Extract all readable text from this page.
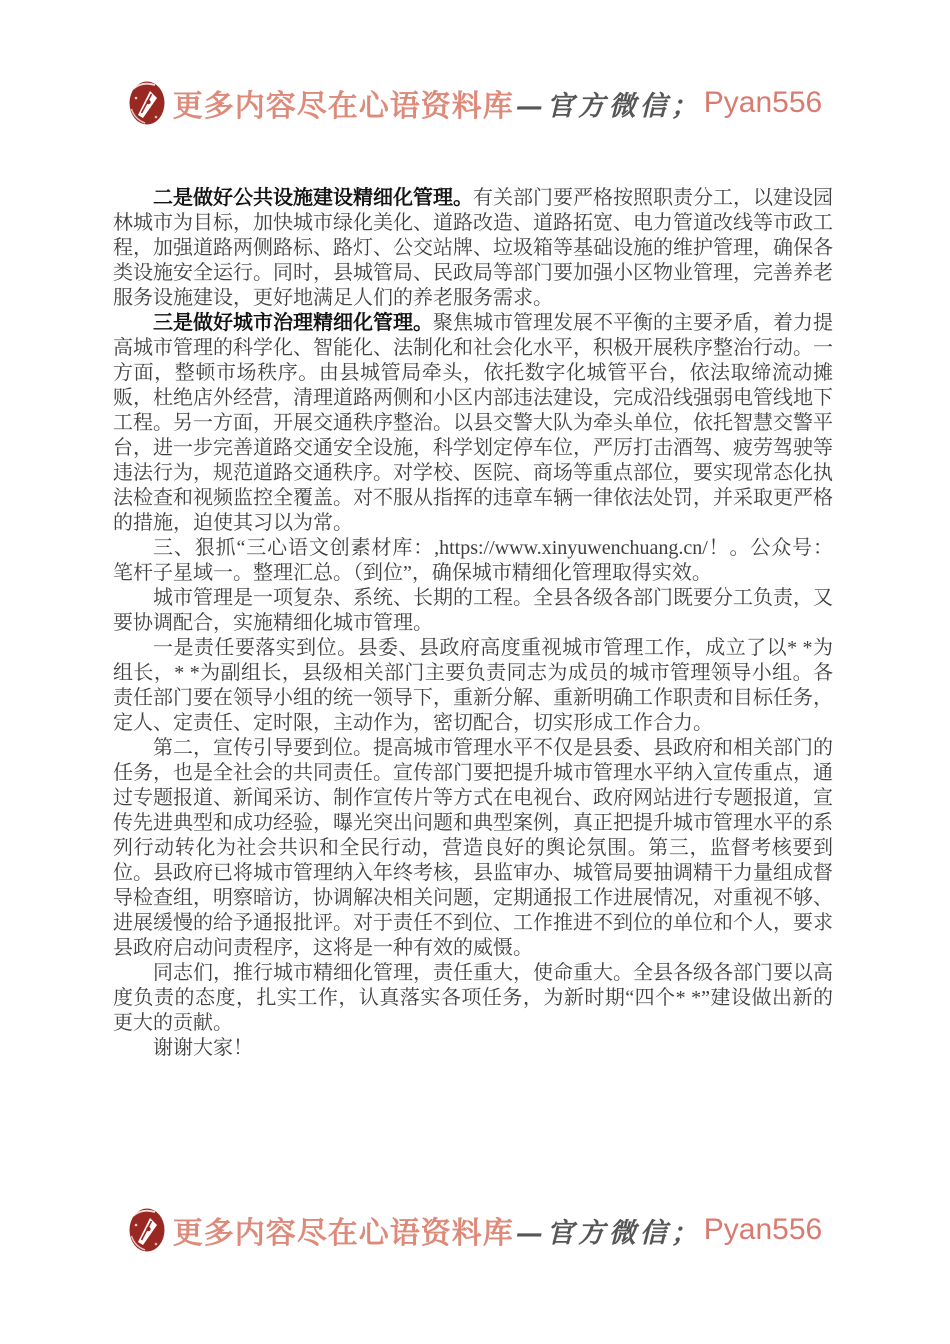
更多内容尽在心语资料库 —官方微信； Pyan556

二是做好公共设施建设精细化管理。有关部门要严格按照职责分工，以建设园林城市为目标，加快城市绿化美化、道路改造、道路拓宽、电力管道改线等市政工程，加强道路两侧路标、路灯、公交站牌、垃圾箱等基础设施的维护管理，确保各类设施安全运行。同时，县城管局、民政局等部门要加强小区物业管理，完善养老服务设施建设，更好地满足人们的养老服务需求。

三是做好城市治理精细化管理。聚焦城市管理发展不平衡的主要矛盾，着力提高城市管理的科学化、智能化、法制化和社会化水平，积极开展秩序整治行动。一方面，整顿市场秩序。由县城管局牵头，依托数字化城管平台，依法取缔流动摊贩，杜绝店外经营，清理道路两侧和小区内部违法建设，完成沿线强弱电管线地下工程。另一方面，开展交通秩序整治。以县交警大队为牵头单位，依托智慧交警平台，进一步完善道路交通安全设施，科学划定停车位，严厉打击酒驾、疲劳驾驶等违法行为，规范道路交通秩序。对学校、医院、商场等重点部位，要实现常态化执法检查和视频监控全覆盖。对不服从指挥的违章车辆一律依法处罚，并采取更严格的措施，迫使其习以为常。

三、狠抓“三心语文创素材库：,https://www.xinyuwenchuang.cn/！。公众号：笔杆子星域一。整理汇总。（到位”，确保城市精细化管理取得实效。

城市管理是一项复杂、系统、长期的工程。全县各级各部门既要分工负责，又要协调配合，实施精细化城市管理。

一是责任要落实到位。县委、县政府高度重视城市管理工作，成立了以* *为组长，* *为副组长，县级相关部门主要负责同志为成员的城市管理领导小组。各责任部门要在领导小组的统一领导下，重新分解、重新明确工作职责和目标任务，定人、定责任、定时限，主动作为，密切配合，切实形成工作合力。

第二，宣传引导要到位。提高城市管理水平不仅是县委、县政府和相关部门的任务，也是全社会的共同责任。宣传部门要把提升城市管理水平纳入宣传重点，通过专题报道、新闻采访、制作宣传片等方式在电视台、政府网站进行专题报道，宣传先进典型和成功经验，曝光突出问题和典型案例，真正把提升城市管理水平的系列行动转化为社会共识和全民行动，营造良好的舆论氛围。第三，监督考核要到位。县政府已将城市管理纳入年终考核，县监审办、城管局要抽调精干力量组成督导检查组，明察暗访，协调解决相关问题，定期通报工作进展情况，对重视不够、进展缓慢的给予通报批评。对于责任不到位、工作推进不到位的单位和个人，要求县政府启动问责程序，这将是一种有效的威慑。

同志们，推行城市精细化管理，责任重大，使命重大。全县各级各部门要以高度负责的态度，扎实工作，认真落实各项任务，为新时期“四个* *”建设做出新的更大的贡献。

谢谢大家！

更多内容尽在心语资料库 —官方微信； Pyan556
